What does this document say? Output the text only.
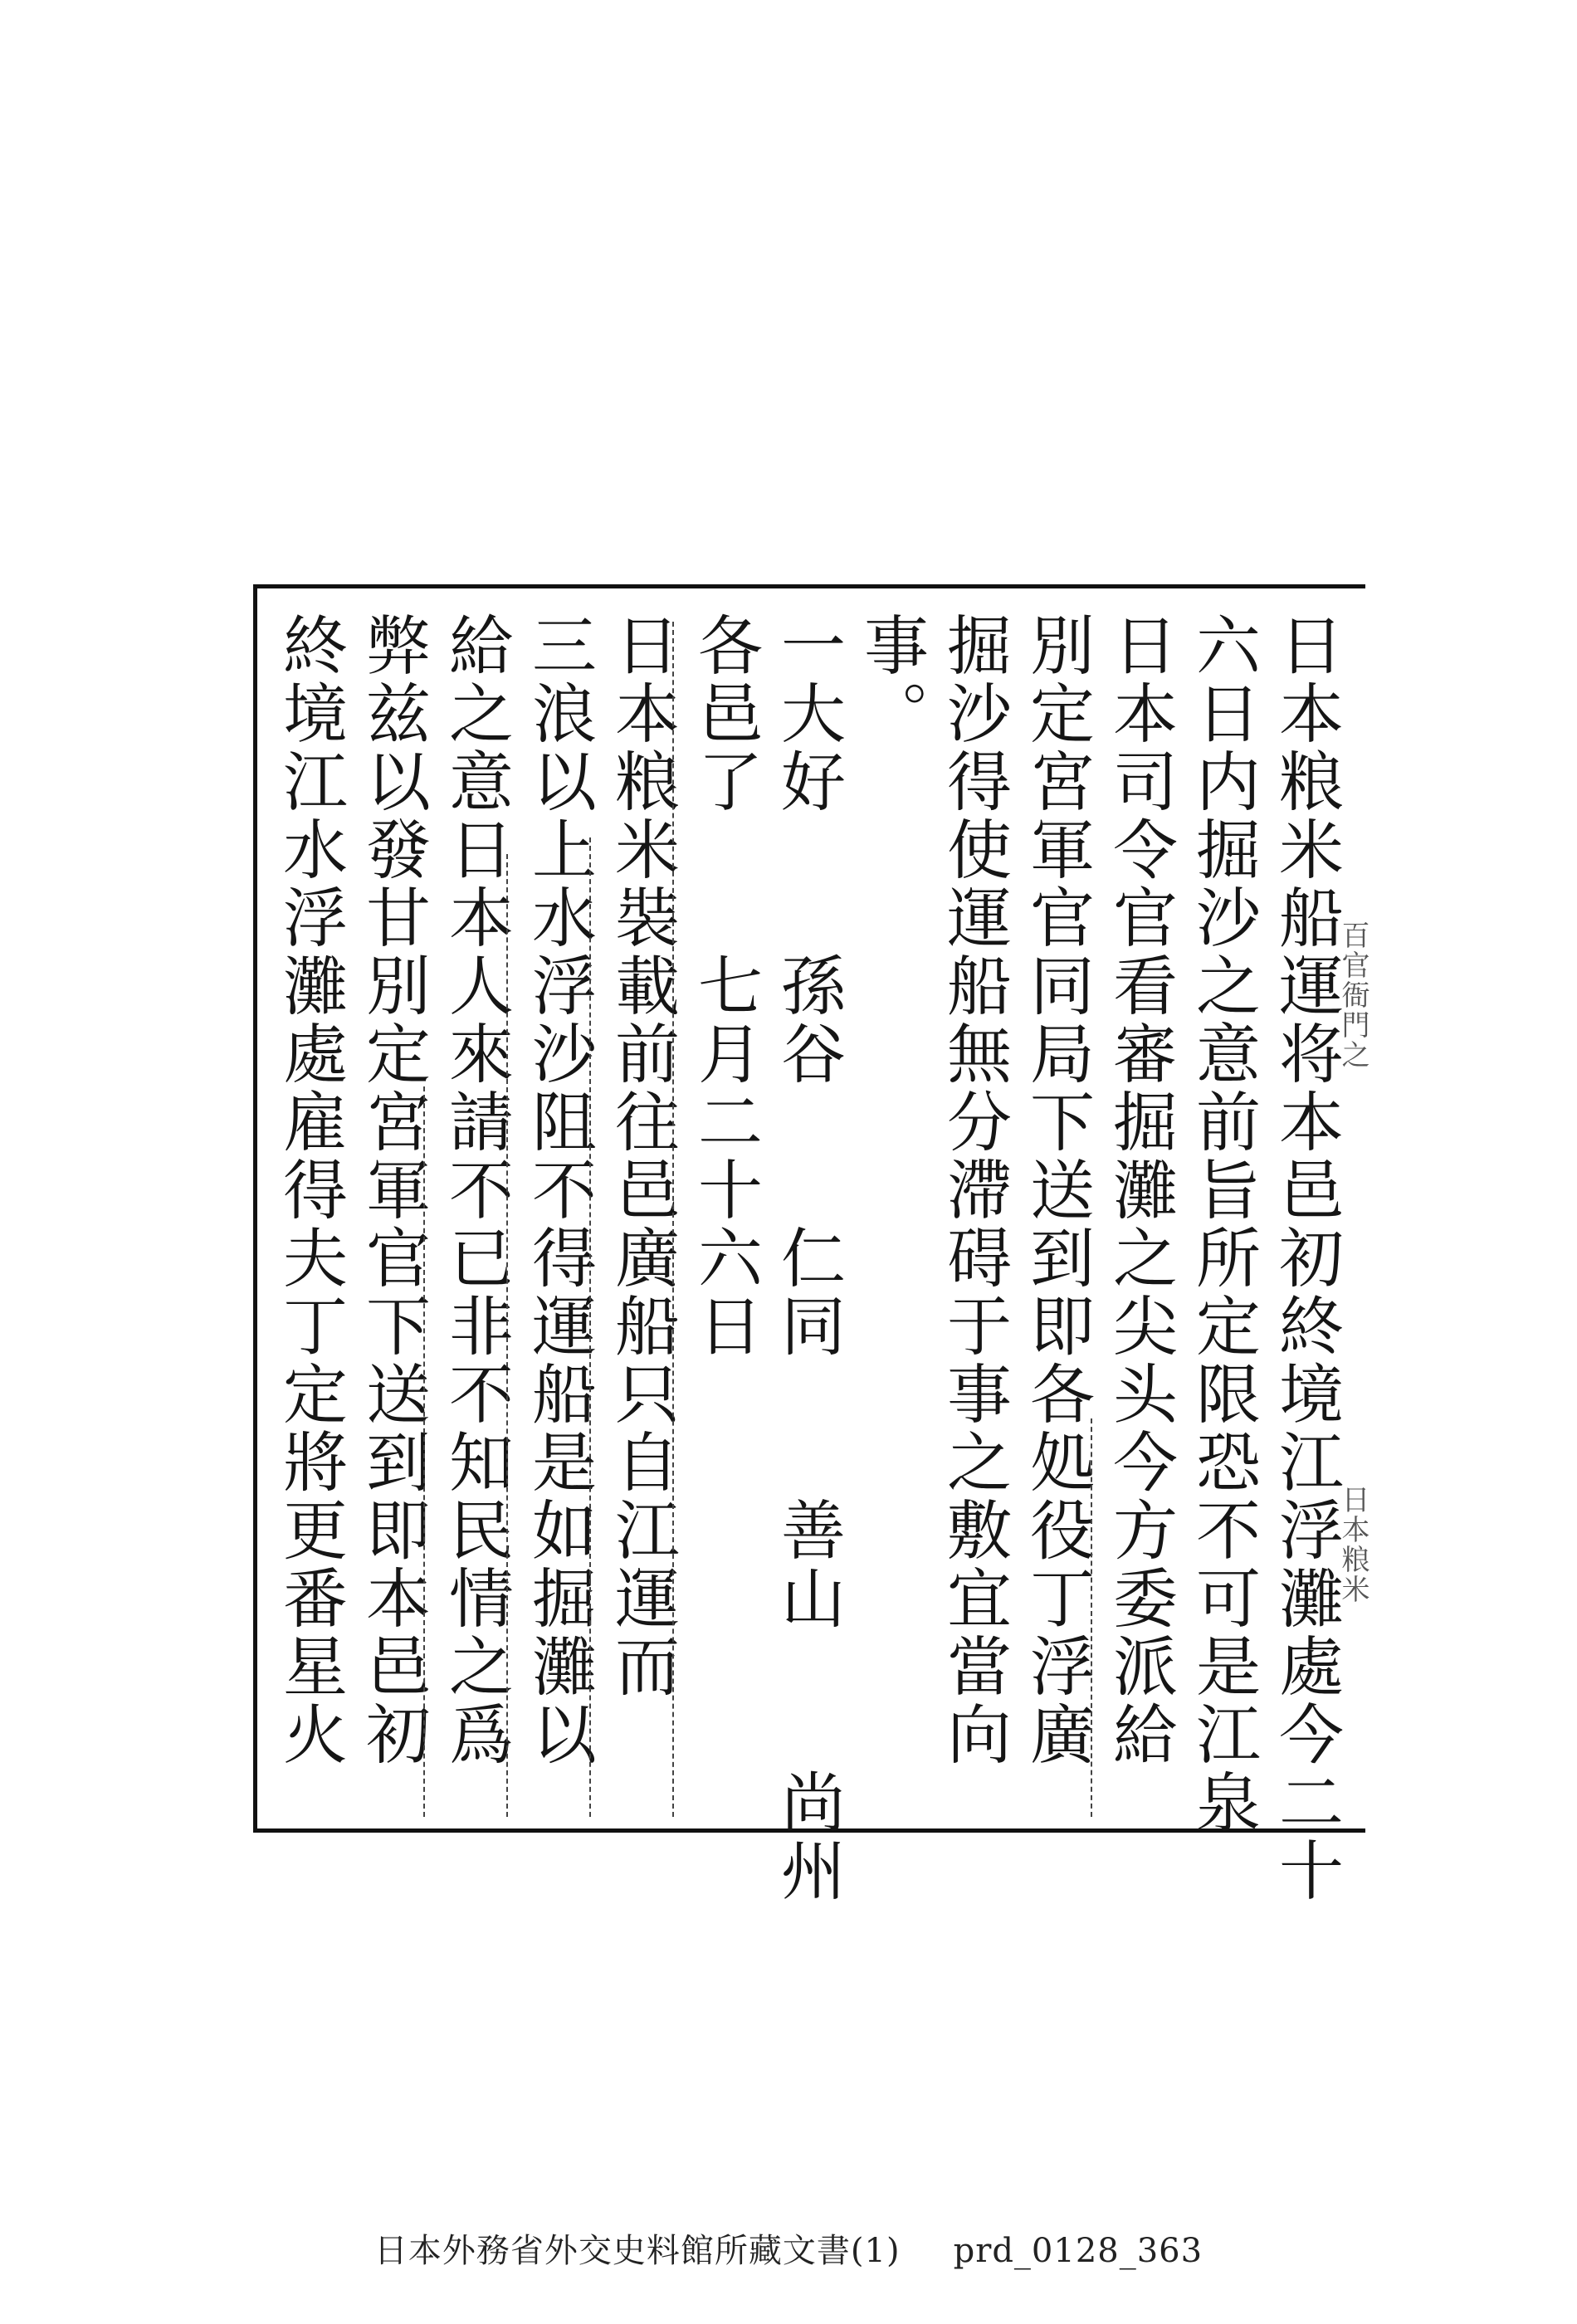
日本粮米船運将本邑初終境江浮灘處今二十
六日内掘沙之意前旨所定限恐不可是江泉
日本司令官看審掘灘之尖头今方委派給
別定宮軍官同局下送到即各処役丁浮廣
掘沙得使運船無分滯碍于事之敷宜當向
事。
一大好　　孫谷　　仁同　　善山　　尚州
各邑了　　七月二十六日
日本粮米裝載前往邑廣船只自江運而
三浪以上水浮沙阻不得運船是如掘灘以
給之意日本人來請不已非不知民情之爲
弊兹以發甘別定宮軍官下送到即本邑初
終境江水浮灘處雇得夫丁定將更番星火	百官衙門之
日本粮米
日本外務省外交史料館所藏文書(1) prd_0128_363
